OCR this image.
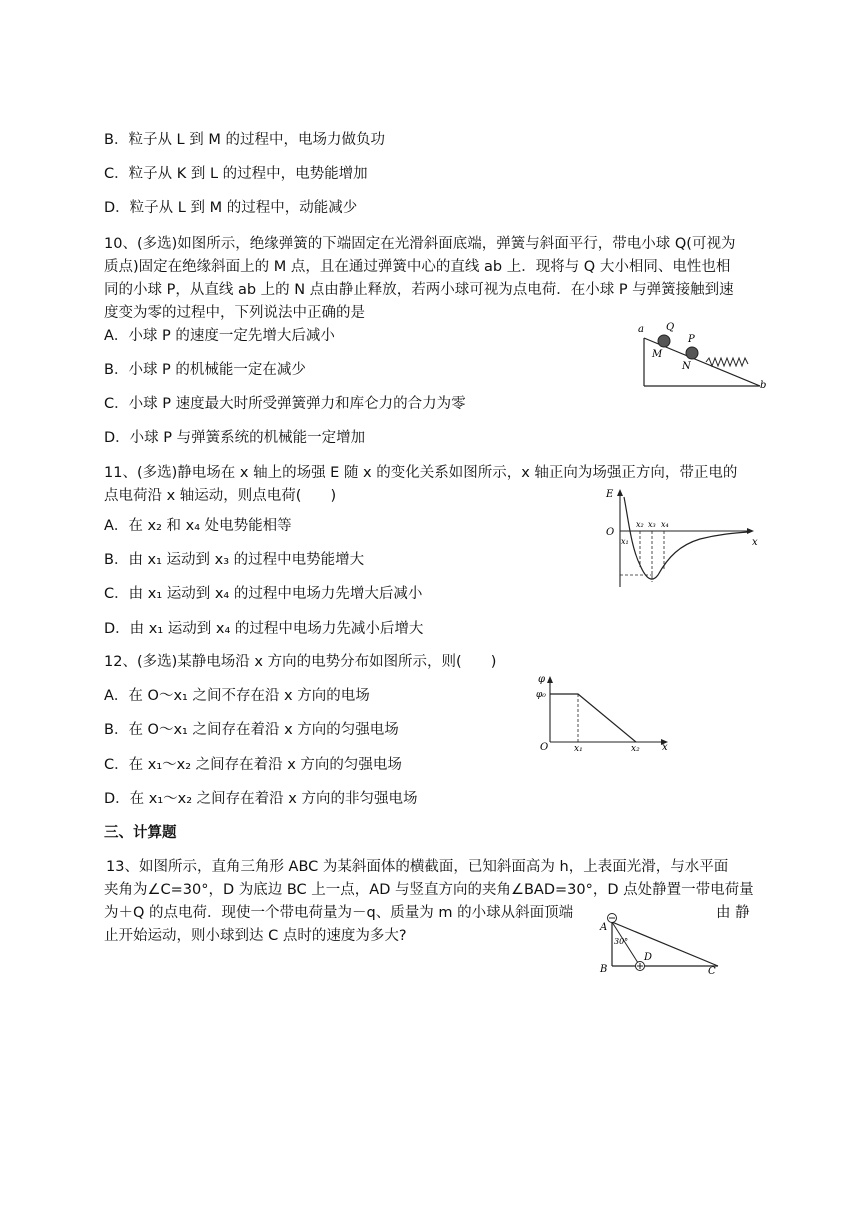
B．粒子从 L 到 M 的过程中，电场力做负功
C．粒子从 K 到 L 的过程中，电势能增加
D．粒子从 L 到 M 的过程中，动能减少
10、(多选)如图所示，绝缘弹簧的下端固定在光滑斜面底端，弹簧与斜面平行，带电小球 Q(可视为
质点)固定在绝缘斜面上的 M 点，且在通过弹簧中心的直线 ab 上．现将与 Q 大小相同、电性也相
同的小球 P，从直线 ab 上的 N 点由静止释放，若两小球可视为点电荷．在小球 P 与弹簧接触到速
度变为零的过程中，下列说法中正确的是
A．小球 P 的速度一定先增大后减小
B．小球 P 的机械能一定在减少
C．小球 P 速度最大时所受弹簧弹力和库仑力的合力为零
D．小球 P 与弹簧系统的机械能一定增加
a Q
M
P
N
b
11、(多选)静电场在 x 轴上的场强 E 随 x 的变化关系如图所示，x 轴正向为场强正方向，带正电的
点电荷沿 x 轴运动，则点电荷(　　)
A．在 x₂ 和 x₄ 处电势能相等
B．由 x₁ 运动到 x₃ 的过程中电势能增大
C．由 x₁ 运动到 x₄ 的过程中电场力先增大后减小
D．由 x₁ 运动到 x₄ 的过程中电场力先减小后增大
E
O
x
x₁
x₂ x₃ x₄
12、(多选)某静电场沿 x 方向的电势分布如图所示，则(　　)
A．在 O～x₁ 之间不存在沿 x 方向的电场
B．在 O～x₁ 之间存在着沿 x 方向的匀强电场
C．在 x₁～x₂ 之间存在着沿 x 方向的匀强电场
D．在 x₁～x₂ 之间存在着沿 x 方向的非匀强电场
φ
φ₀
O	x₁	x₂ x
三、计算题
13、如图所示，直角三角形 ABC 为某斜面体的横截面，已知斜面高为 h，上表面光滑，与水平面
夹角为∠C=30°，D 为底边 BC 上一点，AD 与竖直方向的夹角∠BAD=30°，D 点处静置一带电荷量
为＋Q 的点电荷．现使一个带电荷量为－q、质量为 m 的小球从斜面顶端	由 静
止开始运动，则小球到达 C 点时的速度为多大?
A
30°
B
D
C
